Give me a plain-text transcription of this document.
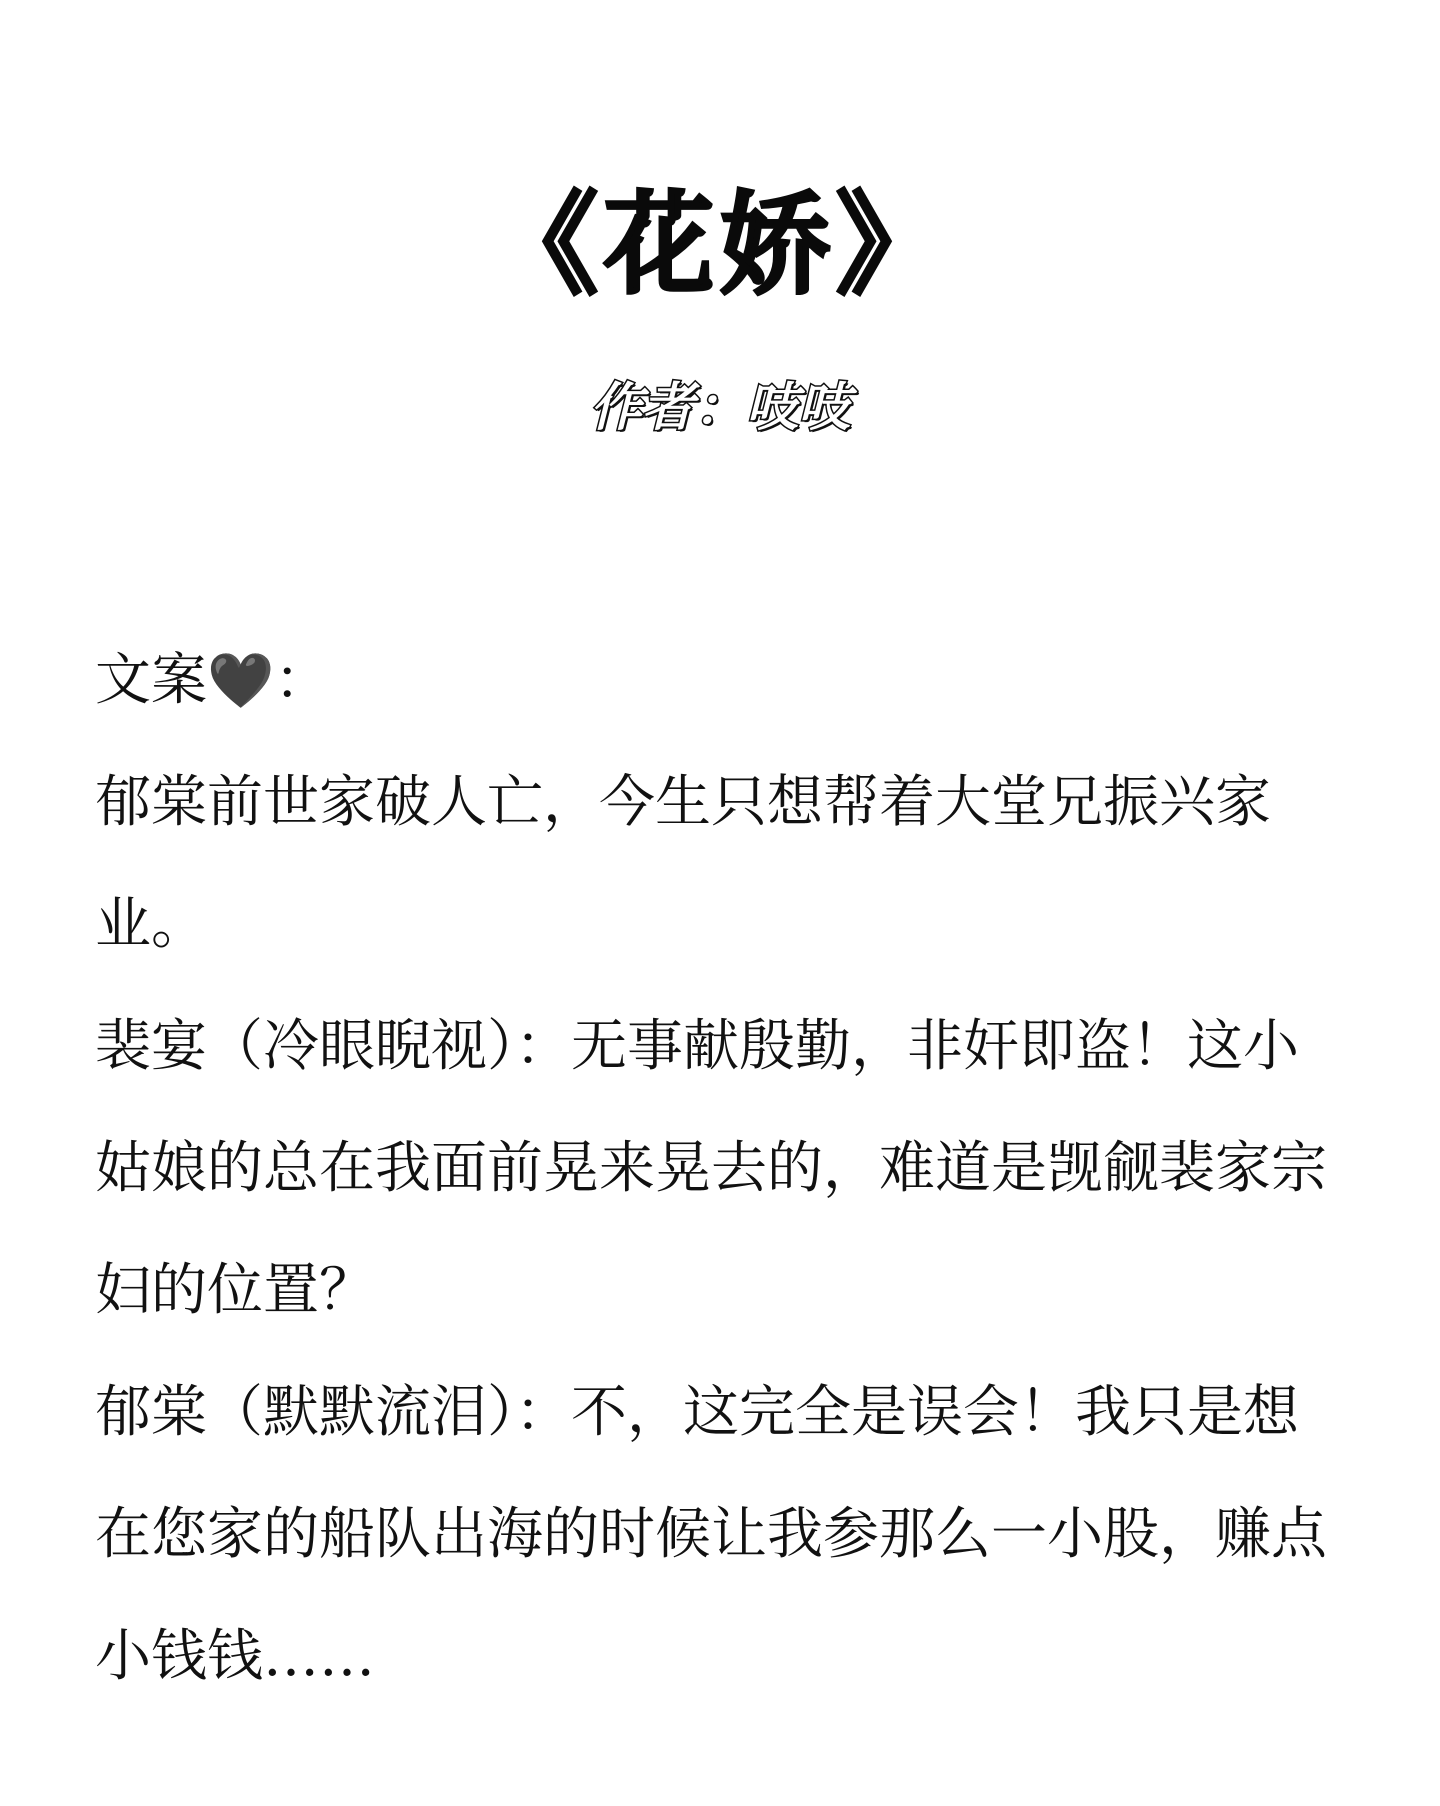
《花娇》
作者：吱吱

文案🖤：

郁棠前世家破人亡，今生只想帮着大堂兄振兴家业。

裴宴（冷眼睨视）：无事献殷勤，非奸即盗！这小姑娘的总在我面前晃来晃去的，难道是觊觎裴家宗妇的位置？

郁棠（默默流泪）：不，这完全是误会！我只是想在您家的船队出海的时候让我参那么一小股，赚点小钱钱……
